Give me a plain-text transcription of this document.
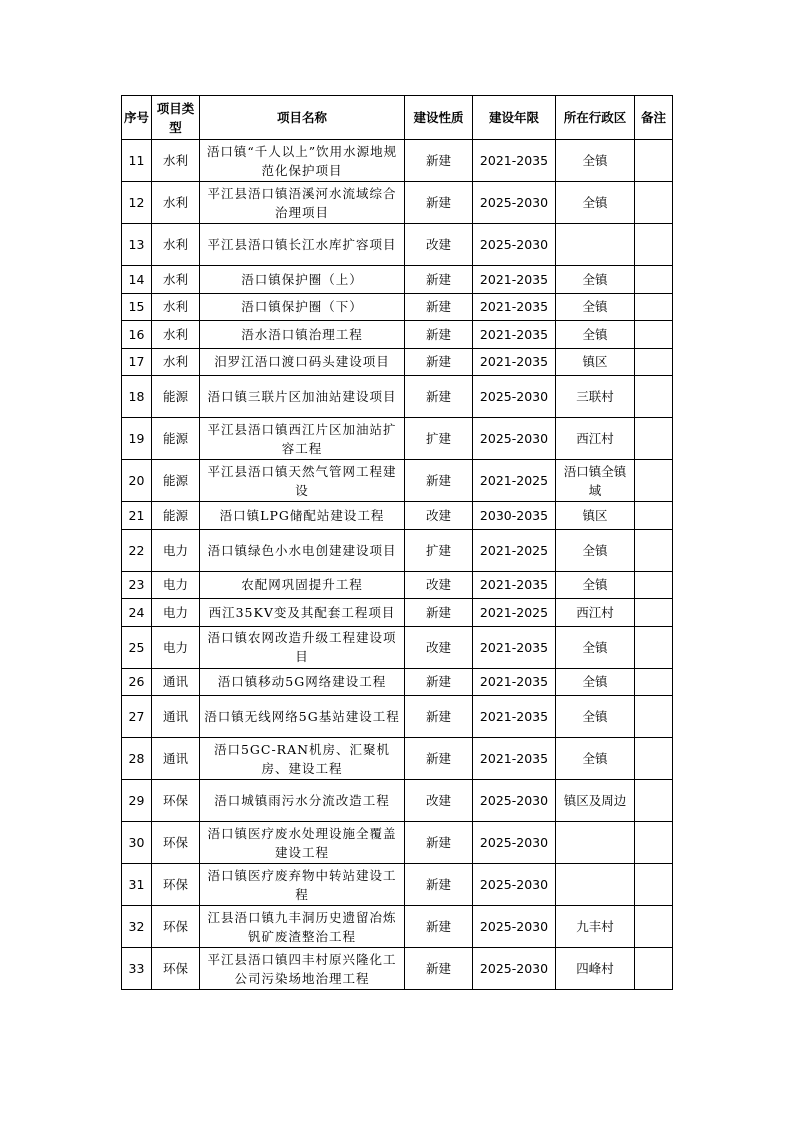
序号	项目类型	项目名称	建设性质	建设年限	所在行政区	备注
11	水利	浯口镇“千人以上”饮用水源地规范化保护项目	新建	2021-2035	全镇	
12	水利	平江县浯口镇浯溪河水流域综合治理项目	新建	2025-2030	全镇	
13	水利	平江县浯口镇长江水库扩容项目	改建	2025-2030		
14	水利	浯口镇保护圈（上）	新建	2021-2035	全镇	
15	水利	浯口镇保护圈（下）	新建	2021-2035	全镇	
16	水利	浯水浯口镇治理工程	新建	2021-2035	全镇	
17	水利	汨罗江浯口渡口码头建设项目	新建	2021-2035	镇区	
18	能源	浯口镇三联片区加油站建设项目	新建	2025-2030	三联村	
19	能源	平江县浯口镇西江片区加油站扩容工程	扩建	2025-2030	西江村	
20	能源	平江县浯口镇天然气管网工程建设	新建	2021-2025	浯口镇全镇域	
21	能源	浯口镇LPG储配站建设工程	改建	2030-2035	镇区	
22	电力	浯口镇绿色小水电创建建设项目	扩建	2021-2025	全镇	
23	电力	农配网巩固提升工程	改建	2021-2035	全镇	
24	电力	西江35KV变及其配套工程项目	新建	2021-2025	西江村	
25	电力	浯口镇农网改造升级工程建设项目	改建	2021-2035	全镇	
26	通讯	浯口镇移动5G网络建设工程	新建	2021-2035	全镇	
27	通讯	浯口镇无线网络5G基站建设工程	新建	2021-2035	全镇	
28	通讯	浯口5GC-RAN机房、汇聚机房、建设工程	新建	2021-2035	全镇	
29	环保	浯口城镇雨污水分流改造工程	改建	2025-2030	镇区及周边	
30	环保	浯口镇医疗废水处理设施全覆盖建设工程	新建	2025-2030		
31	环保	浯口镇医疗废弃物中转站建设工程	新建	2025-2030		
32	环保	江县浯口镇九丰洞历史遗留冶炼钒矿废渣整治工程	新建	2025-2030	九丰村	
33	环保	平江县浯口镇四丰村原兴隆化工公司污染场地治理工程	新建	2025-2030	四峰村	
